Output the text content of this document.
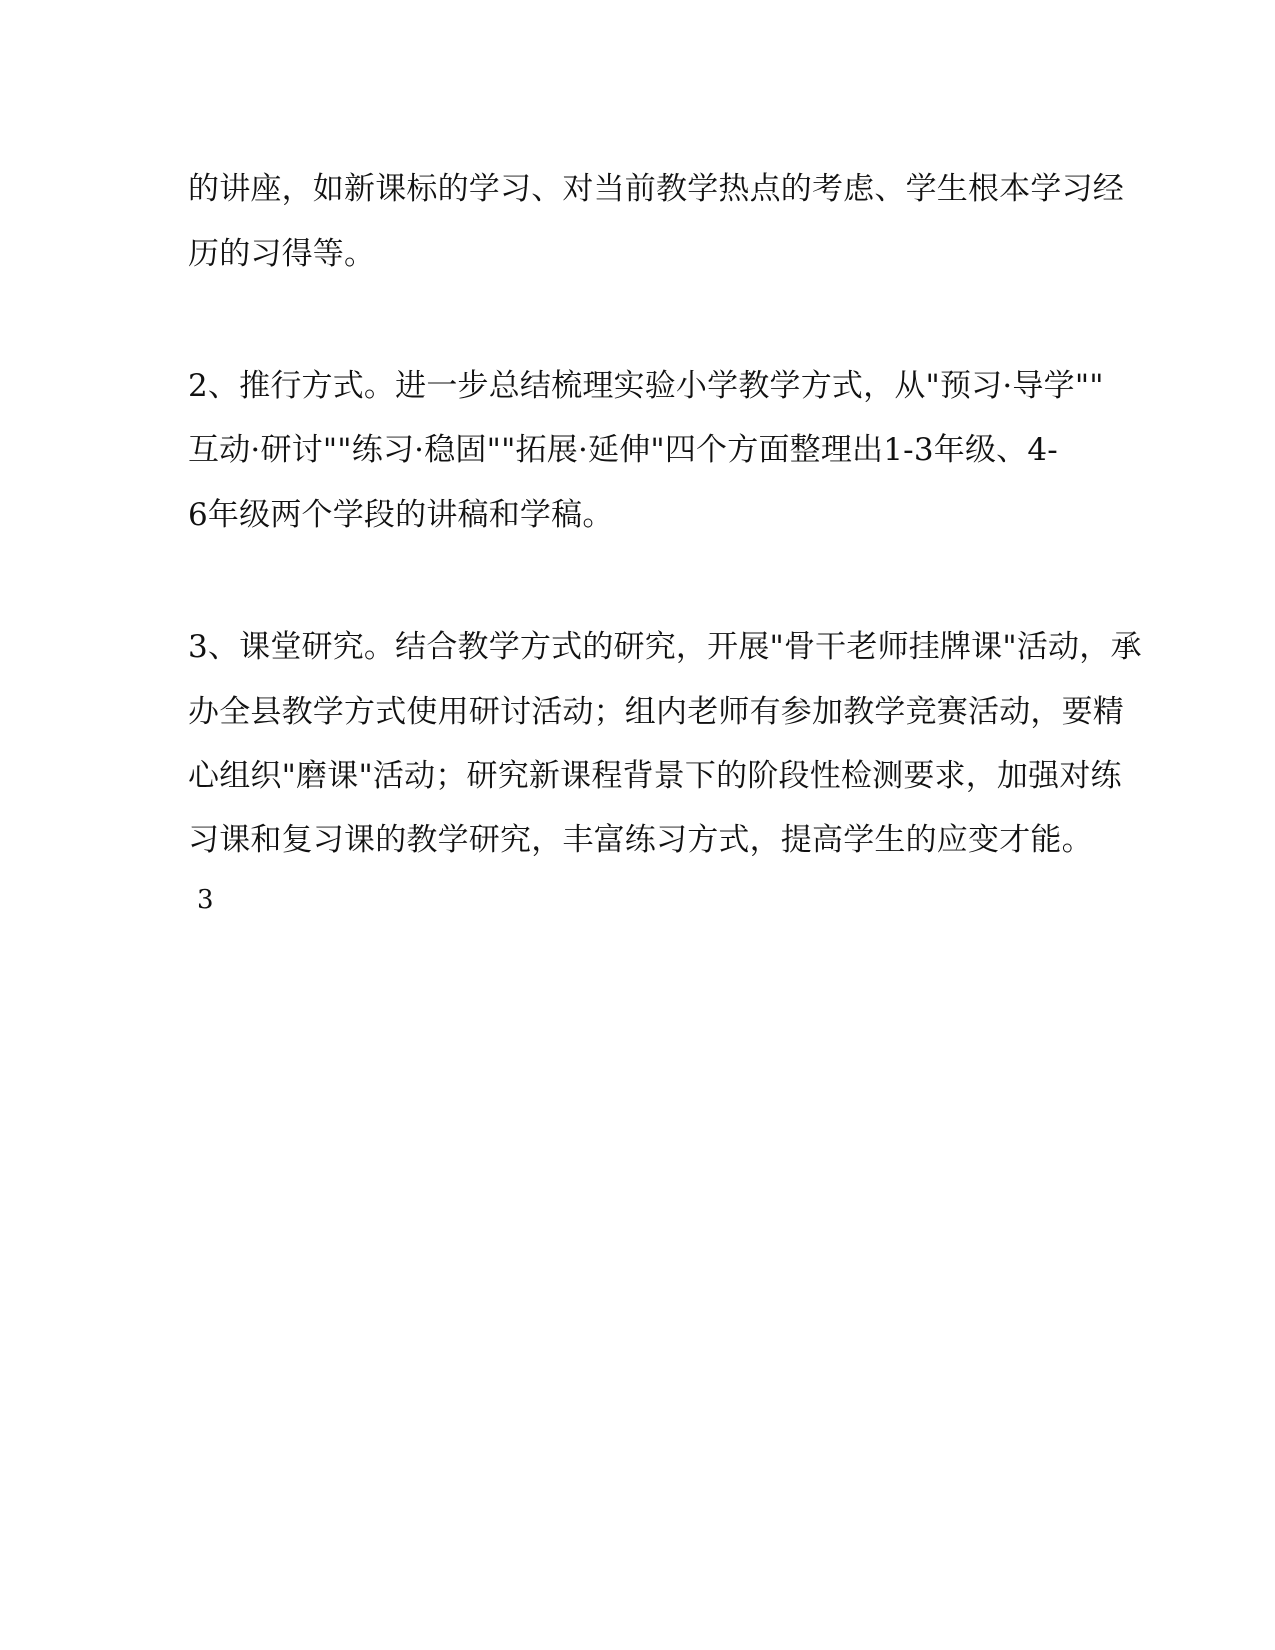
的讲座，如新课标的学习、对当前教学热点的考虑、学生根本学习经
历的习得等。
2、推行方式。进一步总结梳理实验小学教学方式，从"预习·导学""
互动·研讨""练习·稳固""拓展·延伸"四个方面整理出1-3年级、4-
6年级两个学段的讲稿和学稿。
3、课堂研究。结合教学方式的研究，开展"骨干老师挂牌课"活动，承
办全县教学方式使用研讨活动；组内老师有参加教学竞赛活动，要精
心组织"磨课"活动；研究新课程背景下的阶段性检测要求，加强对练
习课和复习课的教学研究，丰富练习方式，提高学生的应变才能。
3
